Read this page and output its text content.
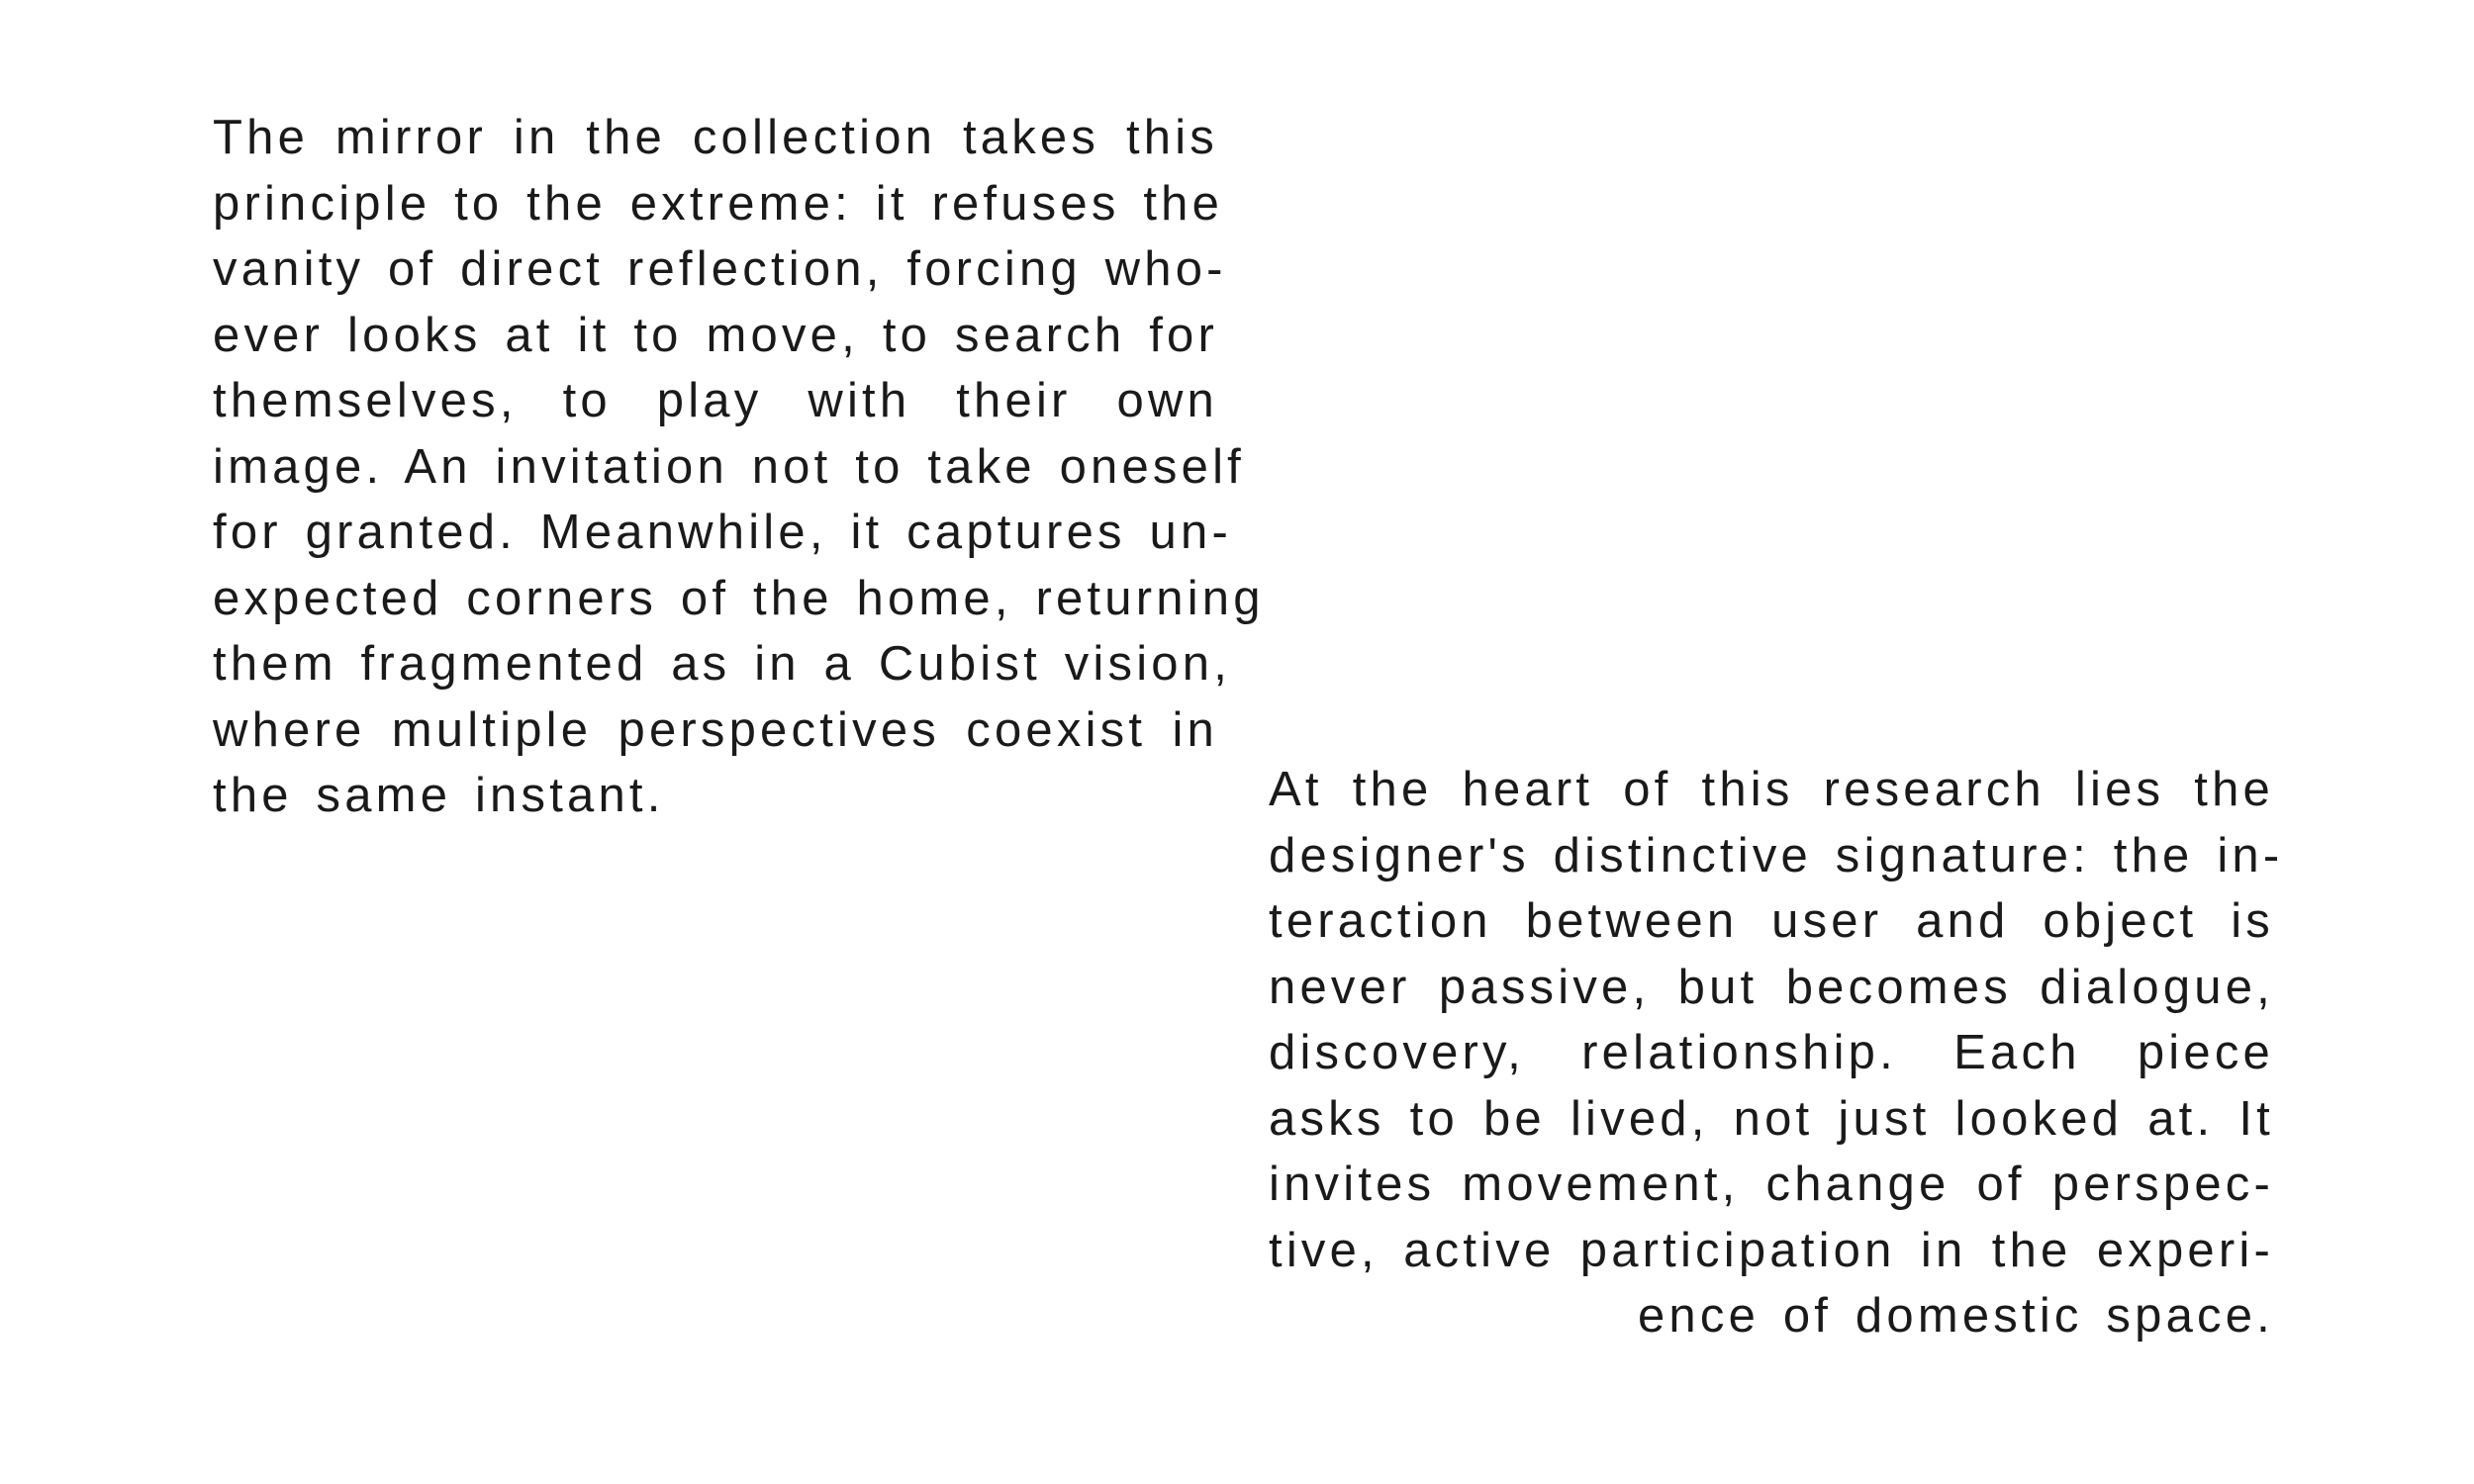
The mirror in the collection takes this
principle to the extreme: it refuses the
vanity of direct reflection, forcing who-
ever looks at it to move, to search for
themselves, to play with their own
image. An invitation not to take oneself
for granted. Meanwhile, it captures un-
expected corners of the home, returning
them fragmented as in a Cubist vision,
where multiple perspectives coexist in
the same instant.	At the heart of this research lies the
designer's distinctive signature: the in-
teraction between user and object is
never passive, but becomes dialogue,
discovery, relationship. Each piece
asks to be lived, not just looked at. It
invites movement, change of perspec-
tive, active participation in the experi-
ence of domestic space.
